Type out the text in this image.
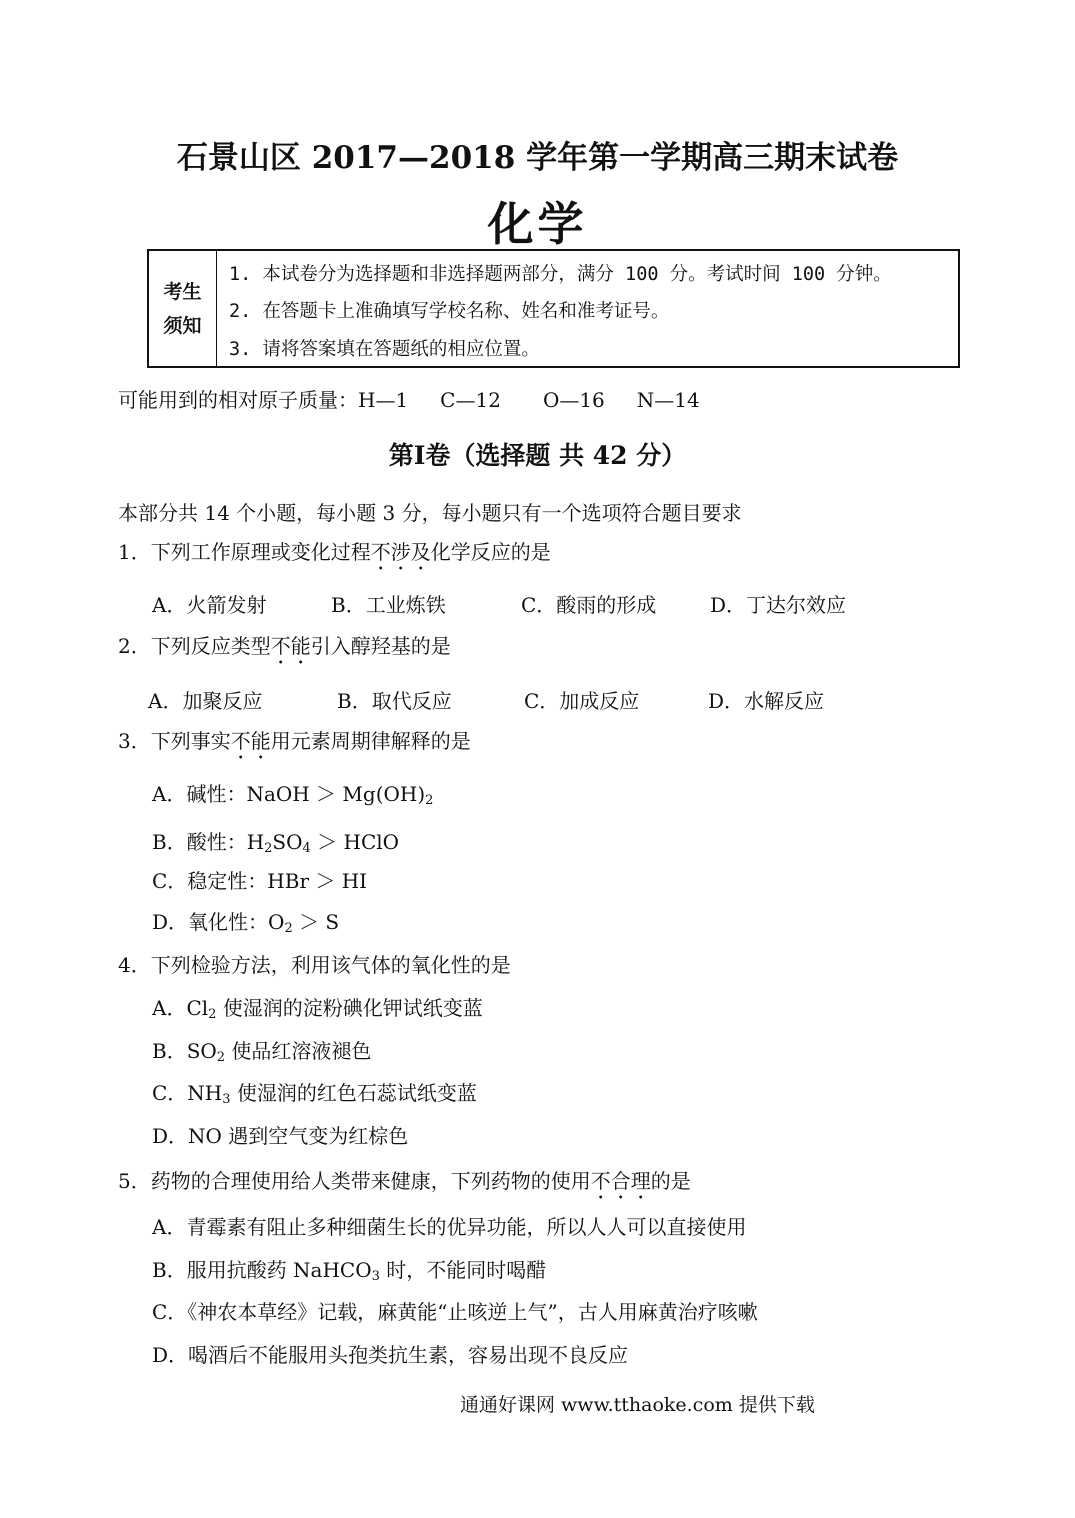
石景山区 2017—2018 学年第一学期高三期末试卷
化学
考生
须知
1. 本试卷分为选择题和非选择题两部分，满分 100 分。考试时间 100 分钟。
2. 在答题卡上准确填写学校名称、姓名和准考证号。
3. 请将答案填在答题纸的相应位置。
可能用到的相对原子质量：H—1 C—12 O—16 N—14
第Ⅰ卷（选择题 共 42 分）
本部分共 14 个小题，每小题 3 分，每小题只有一个选项符合题目要求
1．下列工作原理或变化过程不涉及化学反应的是
A．火箭发射	B．工业炼铁	C．酸雨的形成	D．丁达尔效应
2．下列反应类型不能引入醇羟基的是
A．加聚反应	B．取代反应	C．加成反应	D．水解反应
3．下列事实不能用元素周期律解释的是
A．碱性：NaOH ＞ $Mg(OH)_2$
B．酸性：$H_2SO_4$ ＞ HClO
C．稳定性：HBr ＞ HI
D．氧化性：$O_2 > S$
4．下列检验方法，利用该气体的氧化性的是
A．$Cl_2$ 使湿润的淀粉碘化钾试纸变蓝
B．$SO_2$ 使品红溶液褪色
C．$NH_3$ 使湿润的红色石蕊试纸变蓝
D．NO 遇到空气变为红棕色
5．药物的合理使用给人类带来健康，下列药物的使用不合理的是
A．青霉素有阻止多种细菌生长的优异功能，所以人人可以直接使用
B．服用抗酸药 NaHCO$_3$ 时，不能同时喝醋
C．《神农本草经》记载，麻黄能“止咳逆上气”，古人用麻黄治疗咳嗽
D．喝酒后不能服用头孢类抗生素，容易出现不良反应
通通好课网 www.tthaoke.com 提供下载
